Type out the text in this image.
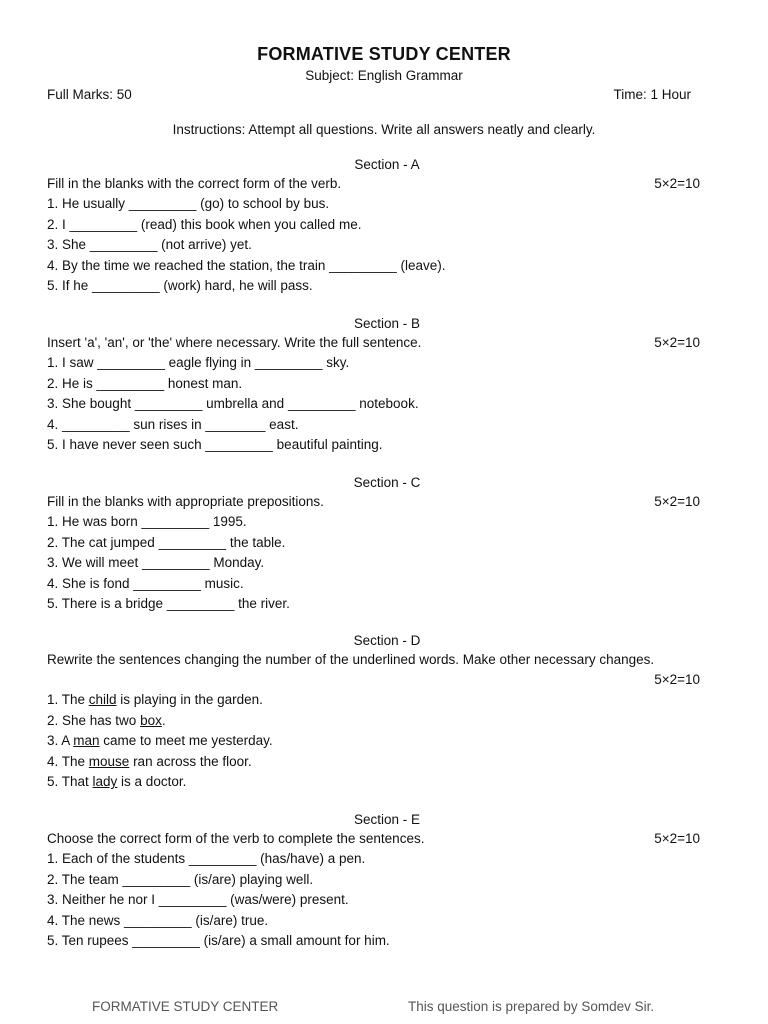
FORMATIVE STUDY CENTER
Subject: English Grammar
Full Marks: 50	Time: 1 Hour
Instructions: Attempt all questions. Write all answers neatly and clearly.
Section - A
Fill in the blanks with the correct form of the verb.	5×2=10
1. He usually _________ (go) to school by bus.
2. I _________ (read) this book when you called me.
3. She _________ (not arrive) yet.
4. By the time we reached the station, the train _________ (leave).
5. If he _________ (work) hard, he will pass.
Section - B
Insert 'a', 'an', or 'the' where necessary. Write the full sentence.	5×2=10
1. I saw _________ eagle flying in _________ sky.
2. He is _________ honest man.
3. She bought _________ umbrella and _________ notebook.
4. _________ sun rises in ________ east.
5. I have never seen such _________ beautiful painting.
Section - C
Fill in the blanks with appropriate prepositions.	5×2=10
1. He was born _________ 1995.
2. The cat jumped _________ the table.
3. We will meet _________ Monday.
4. She is fond _________ music.
5. There is a bridge _________ the river.
Section - D
Rewrite the sentences changing the number of the underlined words. Make other necessary changes.
5×2=10
1. The child is playing in the garden.
2. She has two box.
3. A man came to meet me yesterday.
4. The mouse ran across the floor.
5. That lady is a doctor.
Section - E
Choose the correct form of the verb to complete the sentences.	5×2=10
1. Each of the students _________ (has/have) a pen.
2. The team _________ (is/are) playing well.
3. Neither he nor I _________ (was/were) present.
4. The news _________ (is/are) true.
5. Ten rupees _________ (is/are) a small amount for him.
FORMATIVE STUDY CENTER	This question is prepared by Somdev Sir.
